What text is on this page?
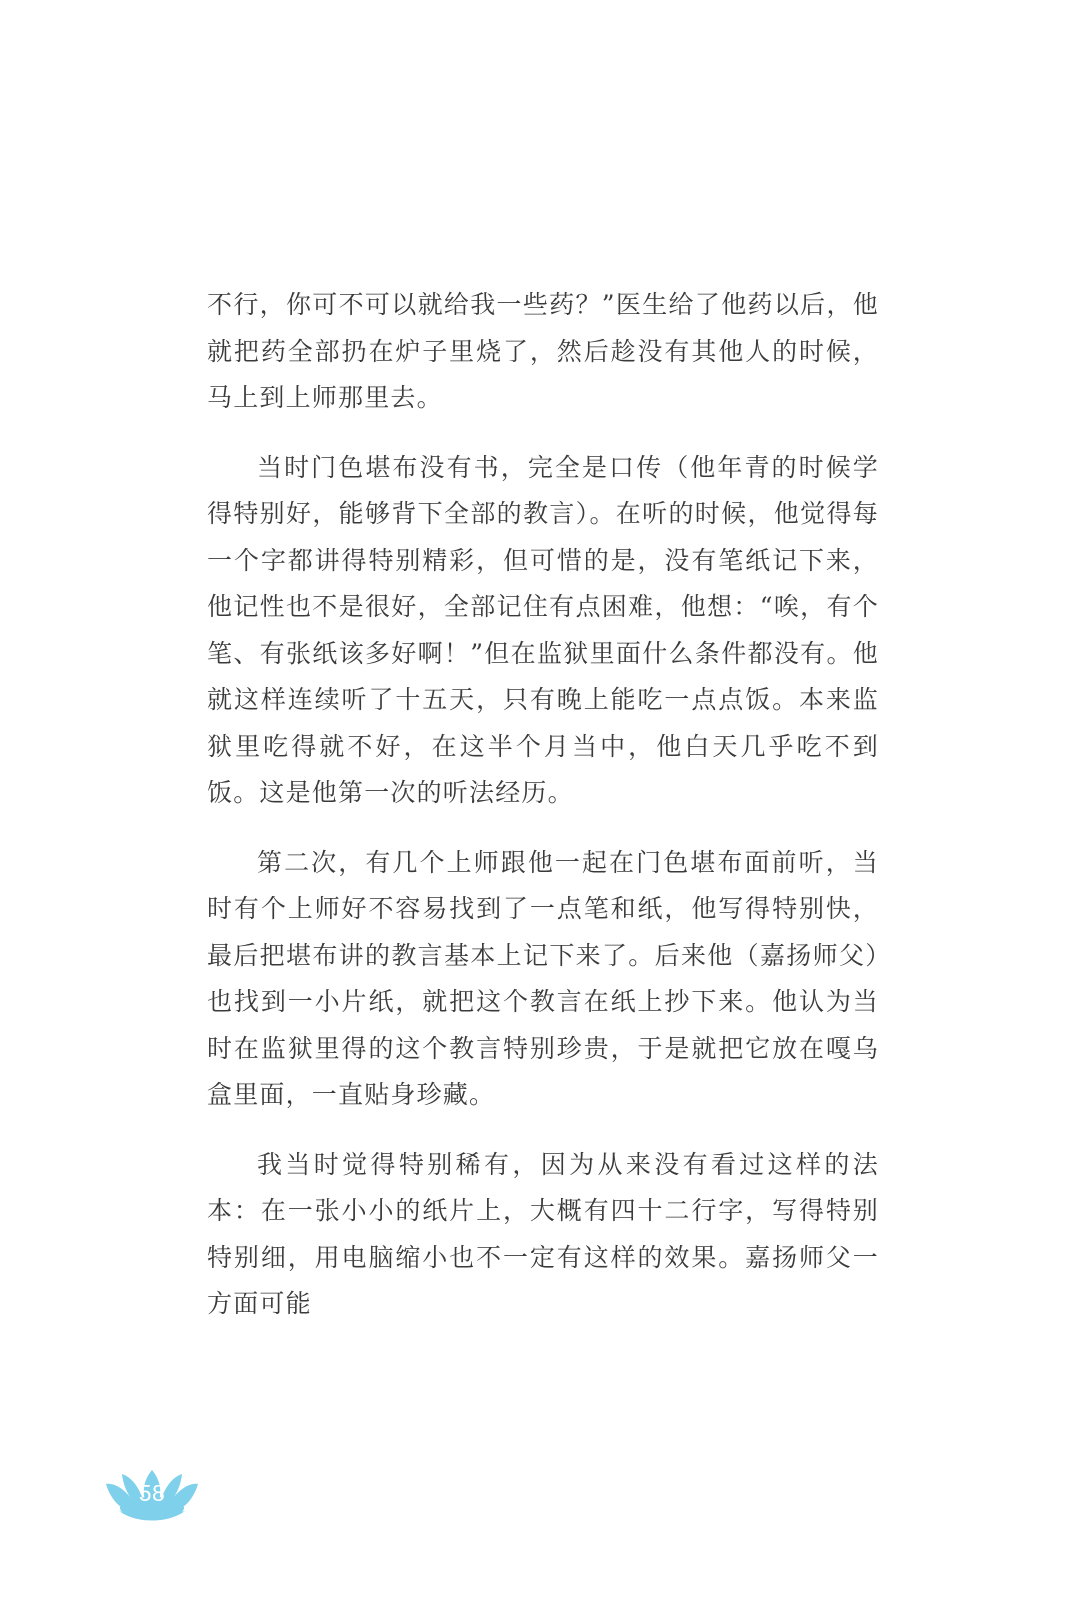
不行，你可不可以就给我一些药？”医生给了他药以后，他就把药全部扔在炉子里烧了，然后趁没有其他人的时候，马上到上师那里去。

当时门色堪布没有书，完全是口传（他年青的时候学得特别好，能够背下全部的教言）。在听的时候，他觉得每一个字都讲得特别精彩，但可惜的是，没有笔纸记下来，他记性也不是很好，全部记住有点困难，他想：“唉，有个笔、有张纸该多好啊！”但在监狱里面什么条件都没有。他就这样连续听了十五天，只有晚上能吃一点点饭。本来监狱里吃得就不好，在这半个月当中，他白天几乎吃不到饭。这是他第一次的听法经历。

第二次，有几个上师跟他一起在门色堪布面前听，当时有个上师好不容易找到了一点笔和纸，他写得特别快，最后把堪布讲的教言基本上记下来了。后来他（嘉扬师父）也找到一小片纸，就把这个教言在纸上抄下来。他认为当时在监狱里得的这个教言特别珍贵，于是就把它放在嘎乌盒里面，一直贴身珍藏。

我当时觉得特别稀有，因为从来没有看过这样的法本：在一张小小的纸片上，大概有四十二行字，写得特别特别细，用电脑缩小也不一定有这样的效果。嘉扬师父一方面可能

58
